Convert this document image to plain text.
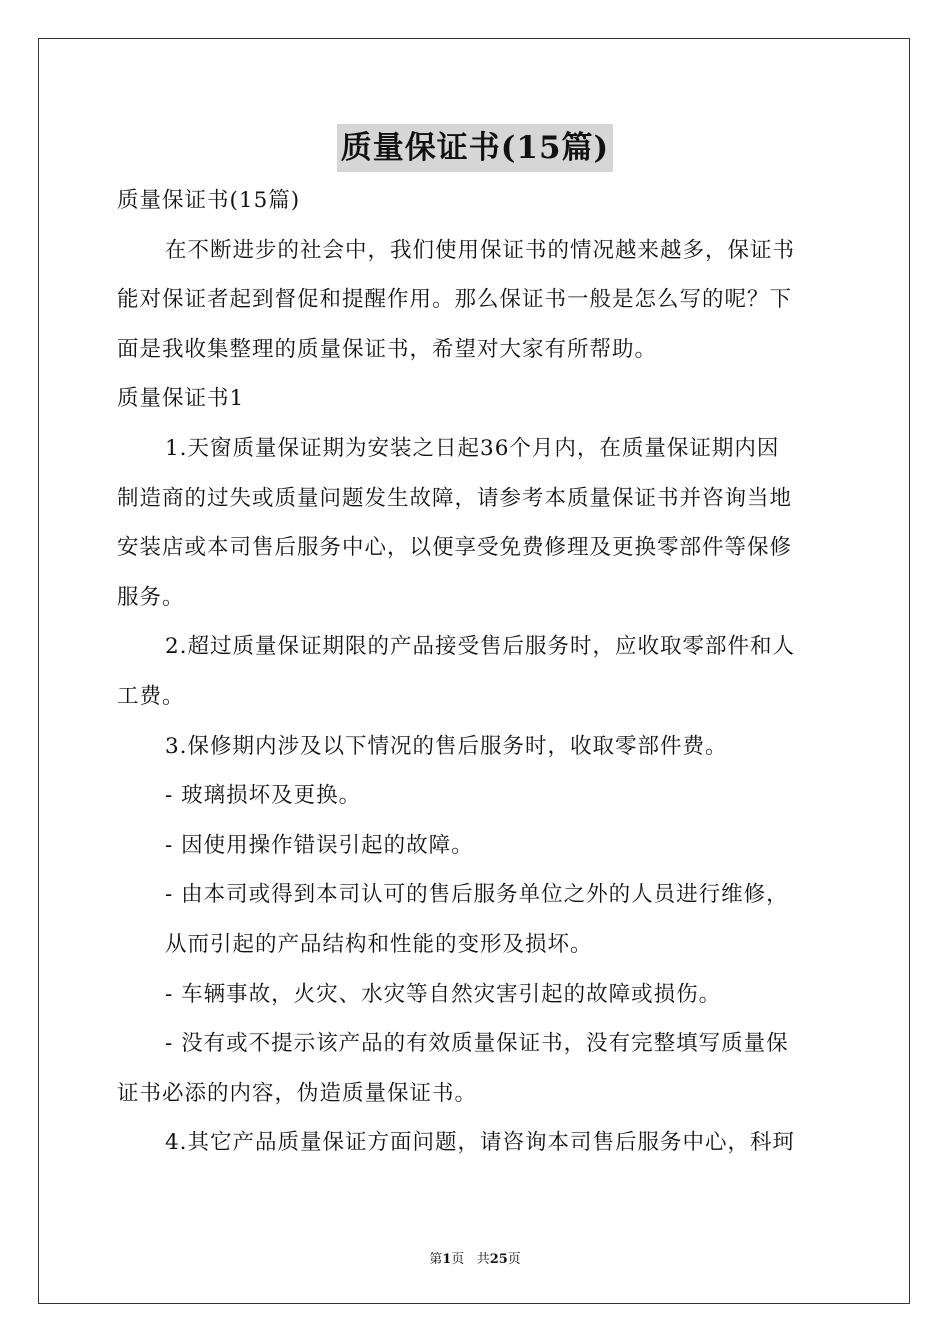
质量保证书(15篇)
质量保证书(15篇)
在不断进步的社会中，我们使用保证书的情况越来越多，保证书
能对保证者起到督促和提醒作用。那么保证书一般是怎么写的呢？下
面是我收集整理的质量保证书，希望对大家有所帮助。
质量保证书1
1.天窗质量保证期为安装之日起36个月内，在质量保证期内因
制造商的过失或质量问题发生故障，请参考本质量保证书并咨询当地
安装店或本司售后服务中心，以便享受免费修理及更换零部件等保修
服务。
2.超过质量保证期限的产品接受售后服务时，应收取零部件和人
工费。
3.保修期内涉及以下情况的售后服务时，收取零部件费。
- 玻璃损坏及更换。
- 因使用操作错误引起的故障。
- 由本司或得到本司认可的售后服务单位之外的人员进行维修，
从而引起的产品结构和性能的变形及损坏。
- 车辆事故，火灾、水灾等自然灾害引起的故障或损伤。
- 没有或不提示该产品的有效质量保证书，没有完整填写质量保
证书必添的内容，伪造质量保证书。
4.其它产品质量保证方面问题，请咨询本司售后服务中心，科珂
第1页 共25页
